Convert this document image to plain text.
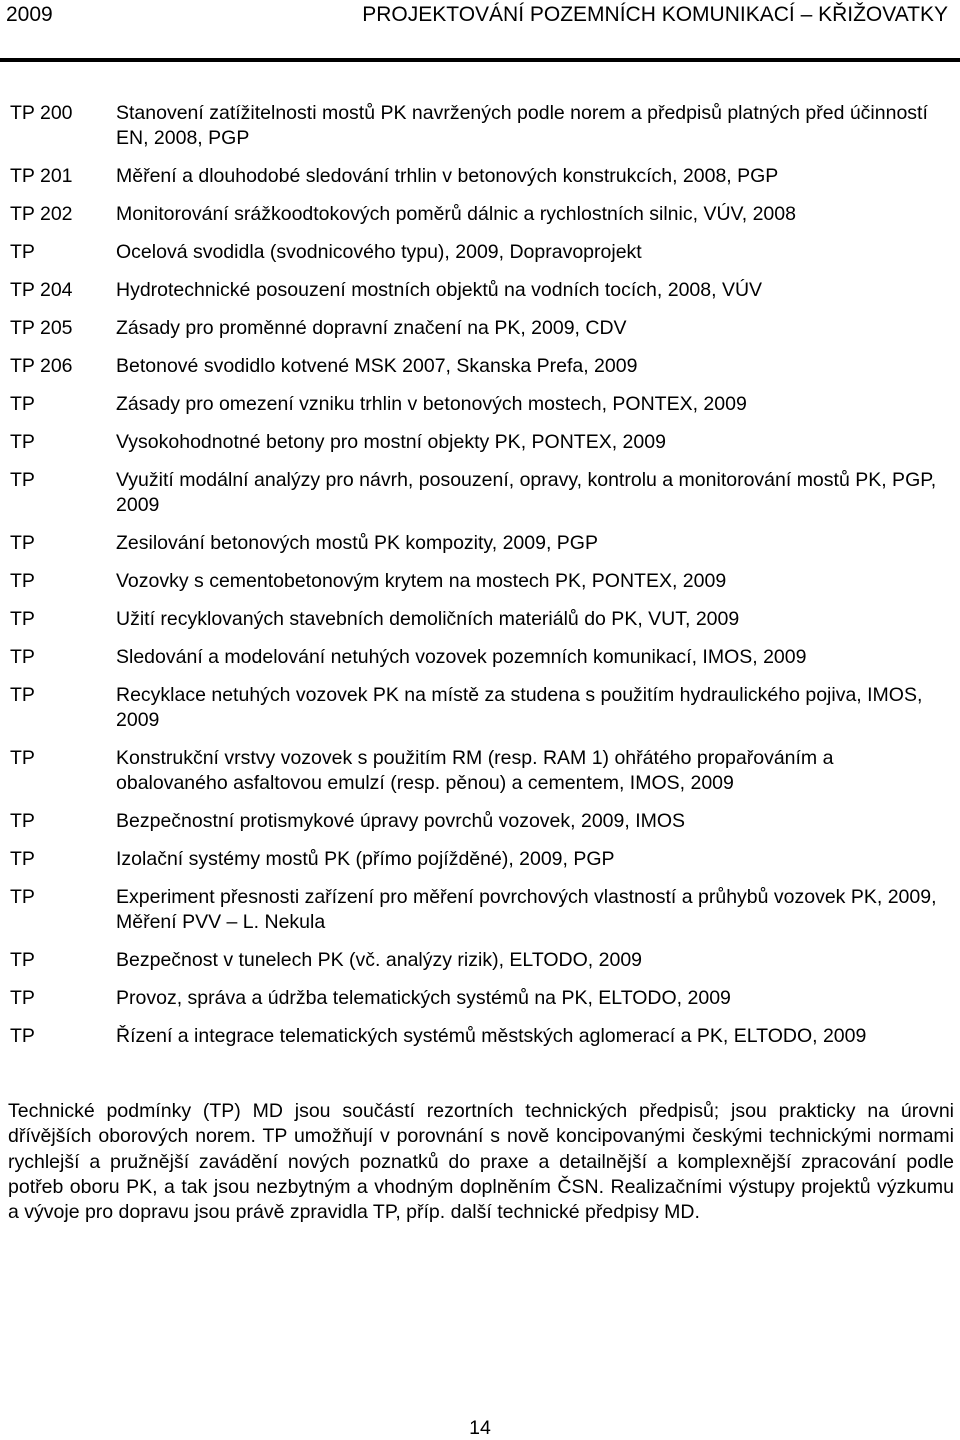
2009	PROJEKTOVÁNÍ POZEMNÍCH KOMUNIKACÍ – KŘIŽOVATKY
TP 200	Stanovení zatížitelnosti mostů PK navržených podle norem a předpisů platných před účinností EN, 2008, PGP
TP 201	Měření a dlouhodobé sledování trhlin v betonových konstrukcích, 2008, PGP
TP 202	Monitorování srážkoodtokových poměrů dálnic a rychlostních silnic, VÚV, 2008
TP	Ocelová svodidla (svodnicového typu), 2009, Dopravoprojekt
TP 204	Hydrotechnické posouzení mostních objektů na vodních tocích, 2008, VÚV
TP 205	Zásady pro proměnné dopravní značení na PK, 2009, CDV
TP 206	Betonové svodidlo kotvené MSK 2007, Skanska Prefa, 2009
TP	Zásady pro omezení vzniku trhlin v betonových mostech, PONTEX, 2009
TP	Vysokohodnotné betony pro mostní objekty PK, PONTEX, 2009
TP	Využití modální analýzy pro návrh, posouzení, opravy, kontrolu a monitorování mostů PK, PGP, 2009
TP	Zesilování betonových mostů PK kompozity, 2009, PGP
TP	Vozovky s cementobetonovým krytem na mostech PK, PONTEX, 2009
TP	Užití recyklovaných stavebních demoličních materiálů do PK, VUT, 2009
TP	Sledování a modelování netuhých vozovek pozemních komunikací, IMOS, 2009
TP	Recyklace netuhých vozovek PK na místě za studena s použitím hydraulického pojiva, IMOS, 2009
TP	Konstrukční vrstvy vozovek s použitím RM (resp. RAM 1) ohřátého propařováním a obalovaného asfaltovou emulzí (resp. pěnou) a cementem, IMOS, 2009
TP	Bezpečnostní protismykové úpravy povrchů vozovek, 2009, IMOS
TP	Izolační systémy mostů PK (přímo pojížděné), 2009, PGP
TP	Experiment přesnosti zařízení pro měření povrchových vlastností a průhybů vozovek PK, 2009, Měření PVV – L. Nekula
TP	Bezpečnost v tunelech PK (vč. analýzy rizik), ELTODO, 2009
TP	Provoz, správa a údržba telematických systémů na PK, ELTODO, 2009
TP	Řízení a integrace telematických systémů městských aglomerací a PK, ELTODO, 2009

Technické podmínky (TP) MD jsou součástí rezortních technických předpisů; jsou prakticky na úrovni dřívějších oborových norem. TP umožňují v porovnání s nově koncipovanými českými technickými normami rychlejší a pružnější zavádění nových poznatků do praxe a detailnější a komplexnější zpracování podle potřeb oboru PK, a tak jsou nezbytným a vhodným doplněním ČSN. Realizačními výstupy projektů výzkumu a vývoje pro dopravu jsou právě zpravidla TP, příp. další technické předpisy MD.

14
